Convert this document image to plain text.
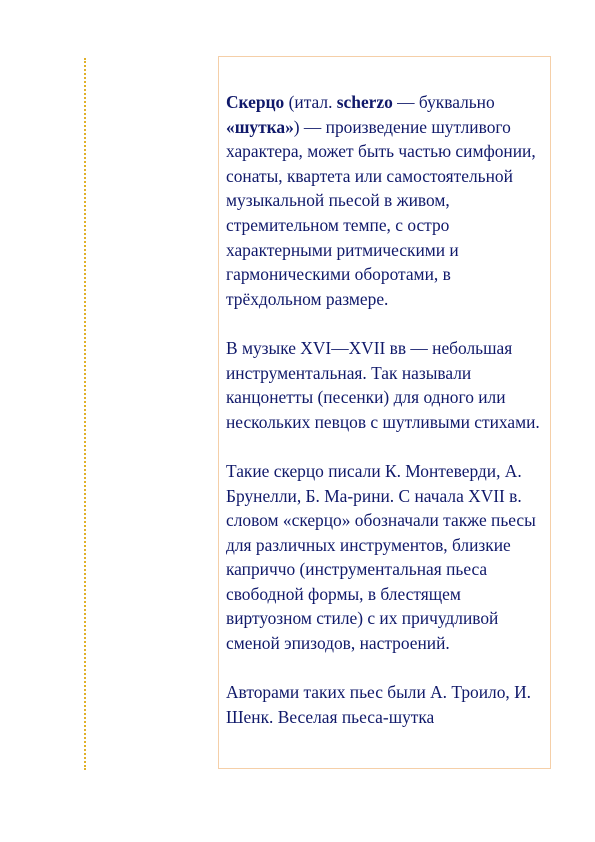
Скерцо (итал. scherzo — буквально «шутка») — произведение шутливого характера, может быть частью симфонии, сонаты, квартета или самостоятельной музыкальной пьесой в живом, стремительном темпе, с остро характерными ритмическими и гармоническими оборотами, в трёхдольном размере.

В музыке XVI—XVII вв — небольшая инструментальная. Так называли канцонетты (песенки) для одного или нескольких певцов с шутливыми стихами.

Такие скерцо писали К. Монтеверди, А. Брунелли, Б. Ма-рини. С начала XVII в. словом «скерцо» обозначали также пьесы для различных инструментов, близкие каприччо (инструментальная пьеса свободной формы, в блестящем виртуозном стиле) с их причудливой сменой эпизодов, настроений.

Авторами таких пьес были А. Троило, И. Шенк. Веселая пьеса-шутка
